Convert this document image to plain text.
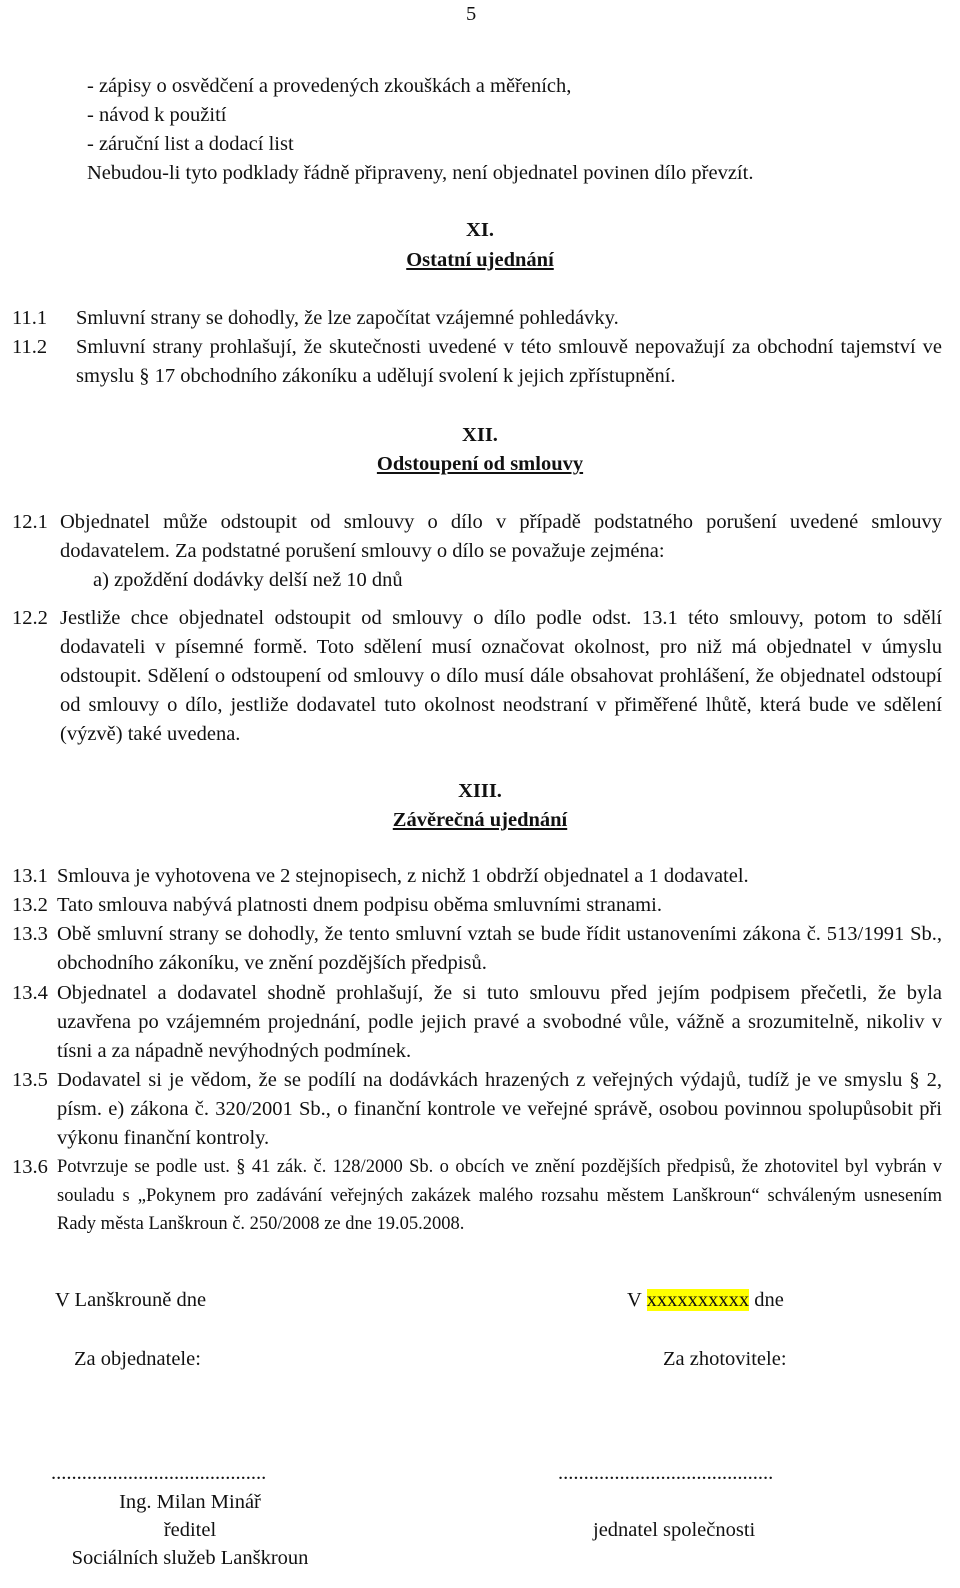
5
- zápisy o osvědčení a provedených zkouškách a měřeních,
- návod k použití
- záruční list a dodací list
Nebudou-li tyto podklady řádně připraveny, není objednatel povinen dílo převzít.
XI.
Ostatní ujednání
11.1 Smluvní strany se dohodly, že lze započítat vzájemné pohledávky.
11.2 Smluvní strany prohlašují, že skutečnosti uvedené v této smlouvě nepovažují za obchodní tajemství ve smyslu § 17 obchodního zákoníku a udělují svolení k jejich zpřístupnění.
XII.
Odstoupení od smlouvy
12.1 Objednatel může odstoupit od smlouvy o dílo v případě podstatného porušení uvedené smlouvy dodavatelem. Za podstatné porušení smlouvy o dílo se považuje zejména:
a) zpoždění dodávky delší než 10 dnů
12.2 Jestliže chce objednatel odstoupit od smlouvy o dílo podle odst. 13.1 této smlouvy, potom to sdělí dodavateli v písemné formě. Toto sdělení musí označovat okolnost, pro niž má objednatel v úmyslu odstoupit. Sdělení o odstoupení od smlouvy o dílo musí dále obsahovat prohlášení, že objednatel odstoupí od smlouvy o dílo, jestliže dodavatel tuto okolnost neodstraní v přiměřené lhůtě, která bude ve sdělení (výzvě) také uvedena.
XIII.
Závěrečná ujednání
13.1 Smlouva je vyhotovena ve 2 stejnopisech, z nichž 1 obdrží objednatel a 1 dodavatel.
13.2 Tato smlouva nabývá platnosti dnem podpisu oběma smluvními stranami.
13.3 Obě smluvní strany se dohodly, že tento smluvní vztah se bude řídit ustanoveními zákona č. 513/1991 Sb., obchodního zákoníku, ve znění pozdějších předpisů.
13.4 Objednatel a dodavatel shodně prohlašují, že si tuto smlouvu před jejím podpisem přečetli, že byla uzavřena po vzájemném projednání, podle jejich pravé a svobodné vůle, vážně a srozumitelně, nikoliv v tísni a za nápadně nevýhodných podmínek.
13.5 Dodavatel si je vědom, že se podílí na dodávkách hrazených z veřejných výdajů, tudíž je ve smyslu § 2, písm. e) zákona č. 320/2001 Sb., o finanční kontrole ve veřejné správě, osobou povinnou spolupůsobit při výkonu finanční kontroly.
13.6 Potvrzuje se podle ust. § 41 zák. č. 128/2000 Sb. o obcích ve znění pozdějších předpisů, že zhotovitel byl vybrán v souladu s „Pokynem pro zadávání veřejných zakázek malého rozsahu městem Lanškroun“ schváleným usnesením Rady města Lanškroun č. 250/2008 ze dne 19.05.2008.
V Lanškrouně dne	V xxxxxxxxxx dne
Za objednatele:	Za zhotovitele:
..........................................	..........................................
Ing. Milan Minář
ředitel
Sociálních služeb Lanškroun
jednatel společnosti
